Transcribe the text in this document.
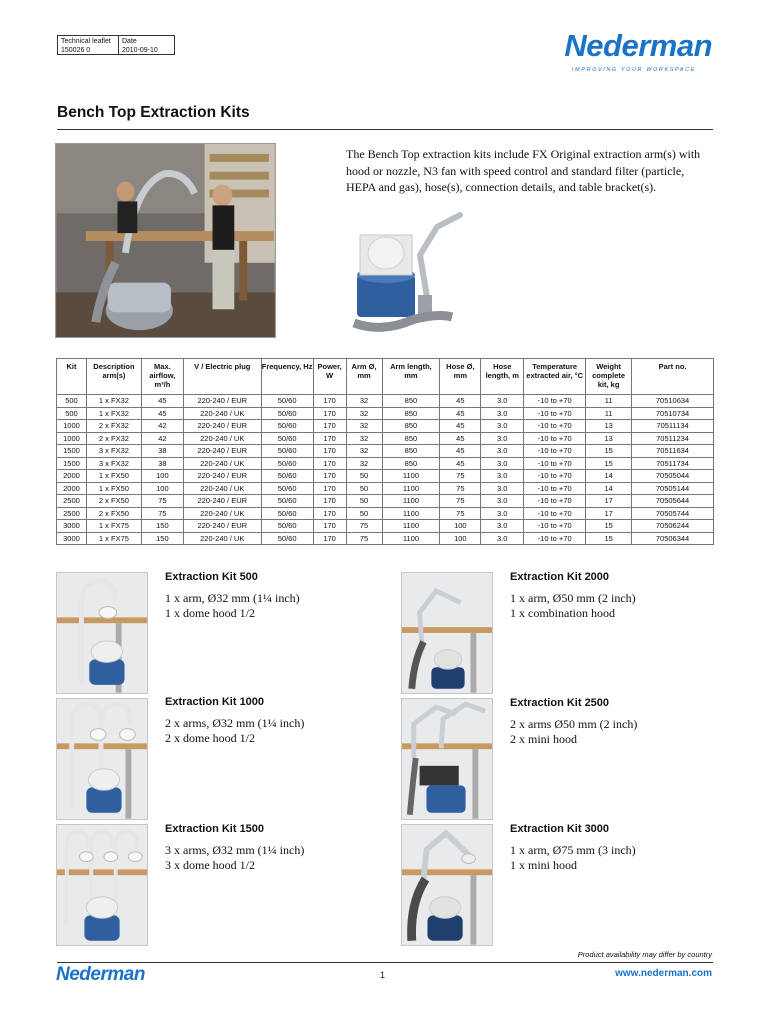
Technical leaflet
150026 0
Date
2010-09-10	Nederman
IMPROVING YOUR WORKSPACE
Bench Top Extraction Kits

The Bench Top extraction kits include FX Original extraction arm(s) with hood or nozzle, N3 fan with speed control and standard filter (particle, HEPA and gas), hose(s), connection details, and table bracket(s).

Kit	Description arm(s)	Max. airflow, m³/h	V / Electric plug	Frequency, Hz	Power, W	Arm Ø, mm	Arm length, mm	Hose Ø, mm	Hose length, m	Temperature extracted air, °C	Weight complete kit, kg	Part no.
500	1 x FX32	45	220-240 / EUR	50/60	170	32	850	45	3.0	-10 to +70	11	70510634
500	1 x FX32	45	220-240 / UK	50/60	170	32	850	45	3.0	-10 to +70	11	70510734
1000	2 x FX32	42	220-240 / EUR	50/60	170	32	850	45	3.0	-10 to +70	13	70511134
1000	2 x FX32	42	220-240 / UK	50/60	170	32	850	45	3.0	-10 to +70	13	70511234
1500	3 x FX32	38	220-240 / EUR	50/60	170	32	850	45	3.0	-10 to +70	15	70511634
1500	3 x FX32	38	220-240 / UK	50/60	170	32	850	45	3.0	-10 to +70	15	70511734
2000	1 x FX50	100	220-240 / EUR	50/60	170	50	1100	75	3.0	-10 to +70	14	70505044
2000	1 x FX50	100	220-240 / UK	50/60	170	50	1100	75	3.0	-10 to +70	14	70505144
2500	2 x FX50	75	220-240 / EUR	50/60	170	50	1100	75	3.0	-10 to +70	17	70505644
2500	2 x FX50	75	220-240 / UK	50/60	170	50	1100	75	3.0	-10 to +70	17	70505744
3000	1 x FX75	150	220-240 / EUR	50/60	170	75	1100	100	3.0	-10 to +70	15	70506244
3000	1 x FX75	150	220-240 / UK	50/60	170	75	1100	100	3.0	-10 to +70	15	70506344
Extraction Kit 500
1 x arm, Ø32 mm (1¼ inch)
1 x dome hood 1/2
Extraction Kit 1000
2 x arms, Ø32 mm (1¼ inch)
2 x dome hood 1/2
Extraction Kit 1500
3 x arms, Ø32 mm (1¼ inch)
3 x dome hood 1/2
Extraction Kit 2000
1 x arm, Ø50 mm (2 inch)
1 x combination hood
Extraction Kit 2500
2 x arms Ø50 mm (2 inch)
2 x mini hood
Extraction Kit 3000
1 x arm, Ø75 mm (3 inch)
1 x mini hood
Product availability may differ by country
Nederman	1	www.nederman.com
